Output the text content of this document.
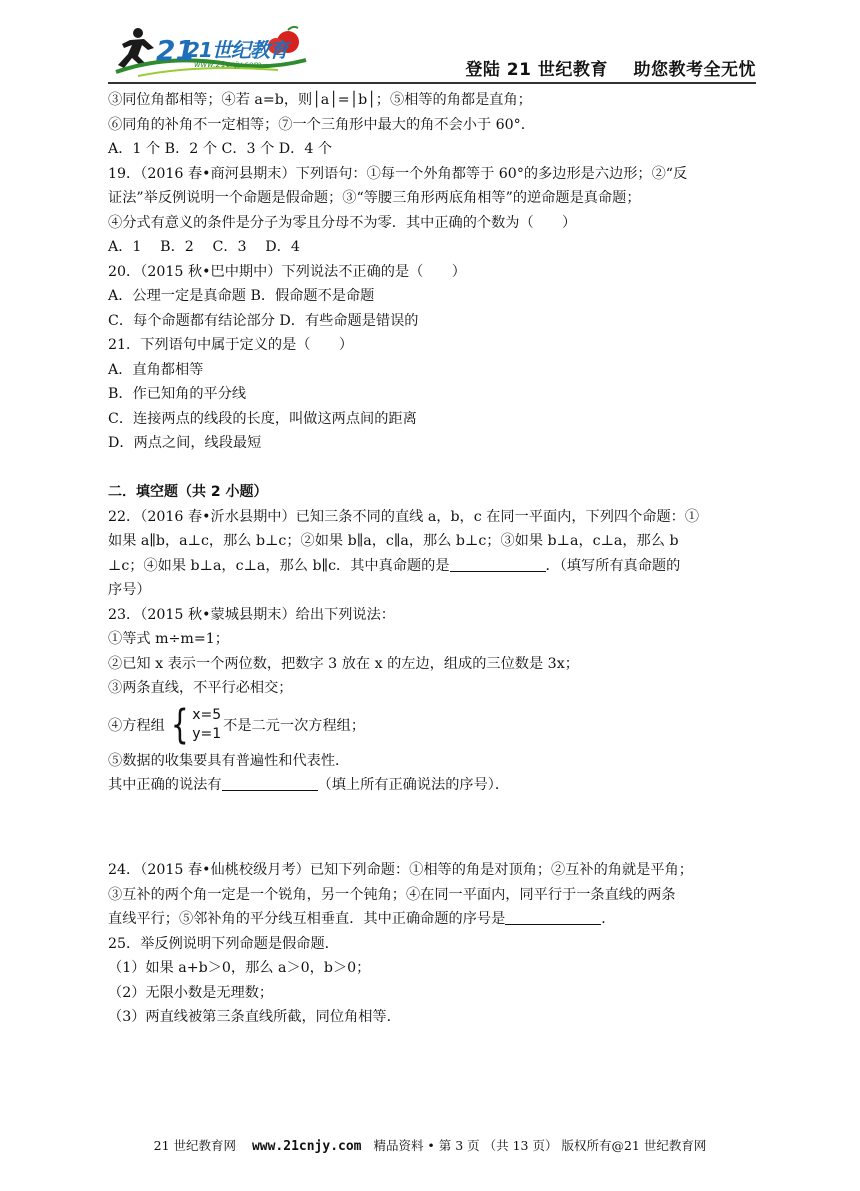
21
21世纪教育
www.21cnjy.com	登陆 21 世纪教育    助您教考全无忧
③同位角都相等；④若 a=b，则│a│=│b│；⑤相等的角都是直角；
⑥同角的补角不一定相等；⑦一个三角形中最大的角不会小于 60°．
A．1 个 B．2 个 C．3 个 D．4 个
19．（2016 春•商河县期末）下列语句：①每一个外角都等于 60°的多边形是六边形；②“反
证法”举反例说明一个命题是假命题；③“等腰三角形两底角相等”的逆命题是真命题；
④分式有意义的条件是分子为零且分母不为零．其中正确的个数为（　　）
A．1　 B．2　 C．3　 D．4
20．（2015 秋•巴中期中）下列说法不正确的是（　　）
A．公理一定是真命题 B．假命题不是命题
C．每个命题都有结论部分 D．有些命题是错误的
21．下列语句中属于定义的是（　　）
A．直角都相等
B．作已知角的平分线
C．连接两点的线段的长度，叫做这两点间的距离
D．两点之间，线段最短
二．填空题（共 2 小题）
22．（2016 春•沂水县期中）已知三条不同的直线 a，b，c 在同一平面内，下列四个命题：①
如果 a∥b，a⊥c，那么 b⊥c；②如果 b∥a，c∥a，那么 b⊥c；③如果 b⊥a，c⊥a，那么 b
⊥c；④如果 b⊥a，c⊥a，那么 b∥c．其中真命题的是	．（填写所有真命题的
序号）
23．（2015 秋•蒙城县期末）给出下列说法：
①等式 m÷m=1；
②已知 x 表示一个两位数，把数字 3 放在 x 的左边，组成的三位数是 3x；
③两条直线，不平行必相交；
④方程组 { x=5
y=1 不是二元一次方程组；
⑤数据的收集要具有普遍性和代表性．
其中正确的说法有	（填上所有正确说法的序号）．
24．（2015 春•仙桃校级月考）已知下列命题：①相等的角是对顶角；②互补的角就是平角；
③互补的两个角一定是一个锐角，另一个钝角；④在同一平面内，同平行于一条直线的两条
直线平行；⑤邻补角的平分线互相垂直．其中正确命题的序号是	．
25．举反例说明下列命题是假命题．
（1）如果 a+b＞0，那么 a＞0，b＞0；
（2）无限小数是无理数；
（3）两直线被第三条直线所截，同位角相等．
21 世纪教育网 www.21cnjy.com 精品资料 • 第 3 页 （共 13 页） 版权所有@21 世纪教育网
